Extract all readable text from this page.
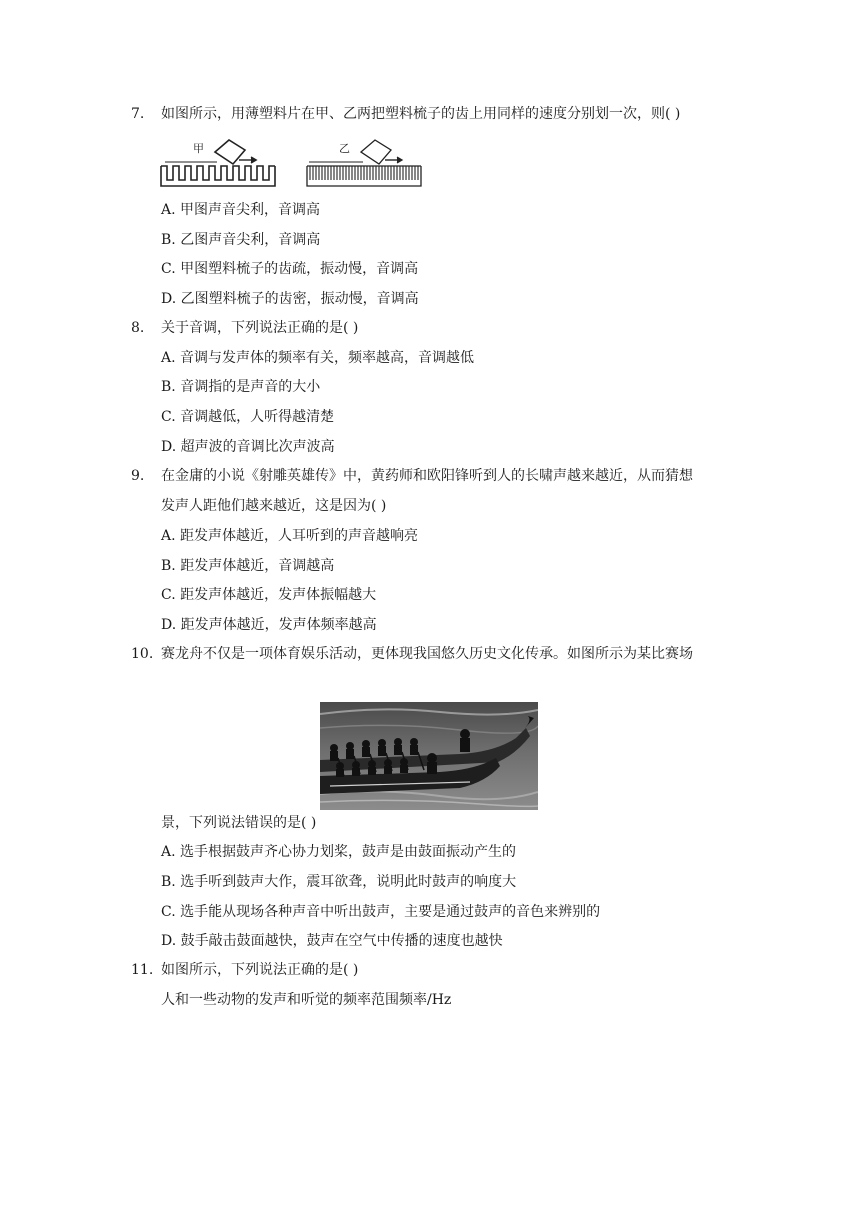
7. 如图所示，用薄塑料片在甲、乙两把塑料梳子的齿上用同样的速度分别划一次，则( )
甲	乙
A. 甲图声音尖利，音调高
B. 乙图声音尖利，音调高
C. 甲图塑料梳子的齿疏，振动慢，音调高
D. 乙图塑料梳子的齿密，振动慢，音调高
8. 关于音调，下列说法正确的是( )
A. 音调与发声体的频率有关，频率越高，音调越低
B. 音调指的是声音的大小
C. 音调越低，人听得越清楚
D. 超声波的音调比次声波高
9. 在金庸的小说《射雕英雄传》中，黄药师和欧阳锋听到人的长啸声越来越近，从而猜想
发声人距他们越来越近，这是因为( )
A. 距发声体越近，人耳听到的声音越响亮
B. 距发声体越近，音调越高
C. 距发声体越近，发声体振幅越大
D. 距发声体越近，发声体频率越高
10. 赛龙舟不仅是一项体育娱乐活动，更体现我国悠久历史文化传承。如图所示为某比赛场
景，下列说法错误的是( )
A. 选手根据鼓声齐心协力划桨，鼓声是由鼓面振动产生的
B. 选手听到鼓声大作，震耳欲聋，说明此时鼓声的响度大
C. 选手能从现场各种声音中听出鼓声，主要是通过鼓声的音色来辨别的
D. 鼓手敲击鼓面越快，鼓声在空气中传播的速度也越快
11. 如图所示，下列说法正确的是( )
人和一些动物的发声和听觉的频率范围频率/Hz
